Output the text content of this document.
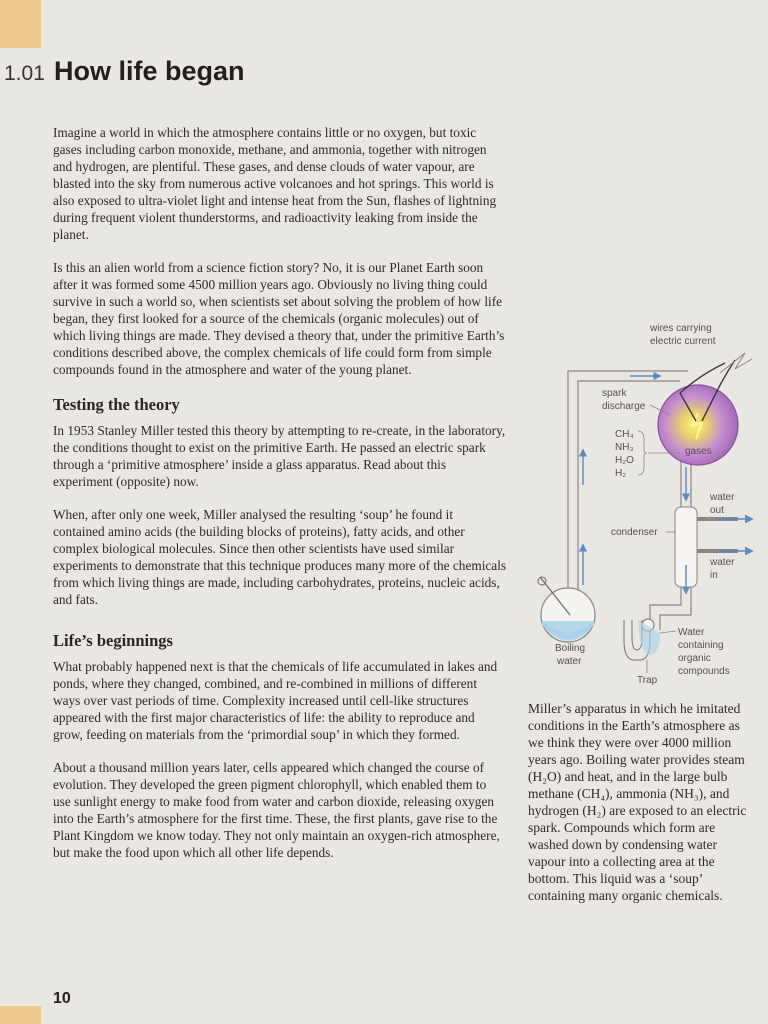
1.01 How life began

Imagine a world in which the atmosphere contains little or no oxygen, but toxic gases including carbon monoxide, methane, and ammonia, together with nitrogen and hydrogen, are plentiful. These gases, and dense clouds of water vapour, are blasted into the sky from numerous active volcanoes and hot springs. This world is also exposed to ultra-violet light and intense heat from the Sun, flashes of lightning during frequent violent thunderstorms, and radioactivity leaking from inside the planet.

Is this an alien world from a science fiction story? No, it is our Planet Earth soon after it was formed some 4500 million years ago. Obviously no living thing could survive in such a world so, when scientists set about solving the problem of how life began, they first looked for a source of the chemicals (organic molecules) out of which living things are made. They devised a theory that, under the primitive Earth’s conditions described above, the complex chemicals of life could form from simple compounds found in the atmosphere and water of the young planet.

Testing the theory

In 1953 Stanley Miller tested this theory by attempting to re-create, in the laboratory, the conditions thought to exist on the primitive Earth. He passed an electric spark through a ‘primitive atmosphere’ inside a glass apparatus. Read about this experiment (opposite) now.

When, after only one week, Miller analysed the resulting ‘soup’ he found it contained amino acids (the building blocks of proteins), fatty acids, and other complex biological molecules. Since then other scientists have used similar experiments to demonstrate that this technique produces many more of the chemicals from which living things are made, including carbohydrates, proteins, nucleic acids, and fats.

Life’s beginnings

What probably happened next is that the chemicals of life accumulated in lakes and ponds, where they changed, combined, and re-combined in millions of different ways over vast periods of time. Complexity increased until cell-like structures appeared with the first major characteristics of life: the ability to reproduce and grow, feeding on materials from the ‘primordial soup’ in which they formed.

About a thousand million years later, cells appeared which changed the course of evolution. They developed the green pigment chlorophyll, which enabled them to use sunlight energy to make food from water and carbon dioxide, releasing oxygen into the Earth’s atmosphere for the first time. These, the first plants, gave rise to the Plant Kingdom we know today. They not only maintain an oxygen-rich atmosphere, but make the food upon which all other life depends.

wires carrying
electric current
spark
discharge
CH₄
NH₃
H₂O
H₂
gases
water
out
condenser
water
in
Boiling
water
Trap
Water
containing
organic
compounds
Miller’s apparatus in which he imitated conditions in the Earth’s atmosphere as we think they were over 4000 million years ago. Boiling water provides steam (H₂O) and heat, and in the large bulb methane (CH₄), ammonia (NH₃), and hydrogen (H₂) are exposed to an electric spark. Compounds which form are washed down by condensing water vapour into a collecting area at the bottom. This liquid was a ‘soup’ containing many organic chemicals.
10
